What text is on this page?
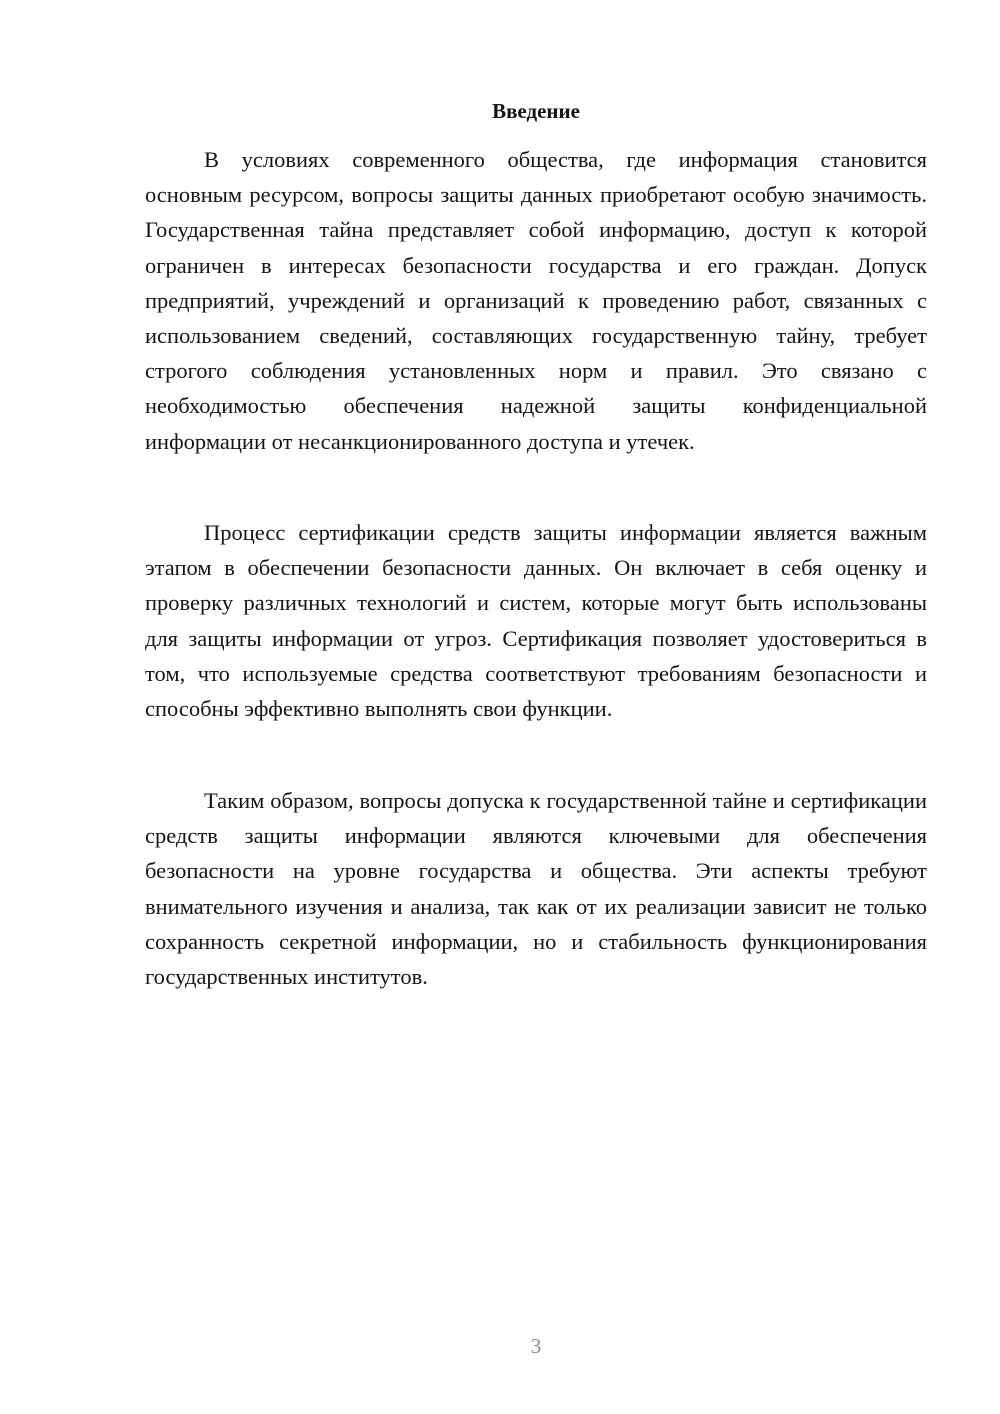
Введение

В условиях современного общества, где информация становится основным ресурсом, вопросы защиты данных приобретают особую значимость. Государственная тайна представляет собой информацию, доступ к которой ограничен в интересах безопасности государства и его граждан. Допуск предприятий, учреждений и организаций к проведению работ, связанных с использованием сведений, составляющих государственную тайну, требует строгого соблюдения установленных норм и правил. Это связано с необходимостью обеспечения надежной защиты конфиденциальной информации от несанкционированного доступа и утечек.

Процесс сертификации средств защиты информации является важным этапом в обеспечении безопасности данных. Он включает в себя оценку и проверку различных технологий и систем, которые могут быть использованы для защиты информации от угроз. Сертификация позволяет удостовериться в том, что используемые средства соответствуют требованиям безопасности и способны эффективно выполнять свои функции.

Таким образом, вопросы допуска к государственной тайне и сертификации средств защиты информации являются ключевыми для обеспечения безопасности на уровне государства и общества. Эти аспекты требуют внимательного изучения и анализа, так как от их реализации зависит не только сохранность секретной информации, но и стабильность функционирования государственных институтов.

3
